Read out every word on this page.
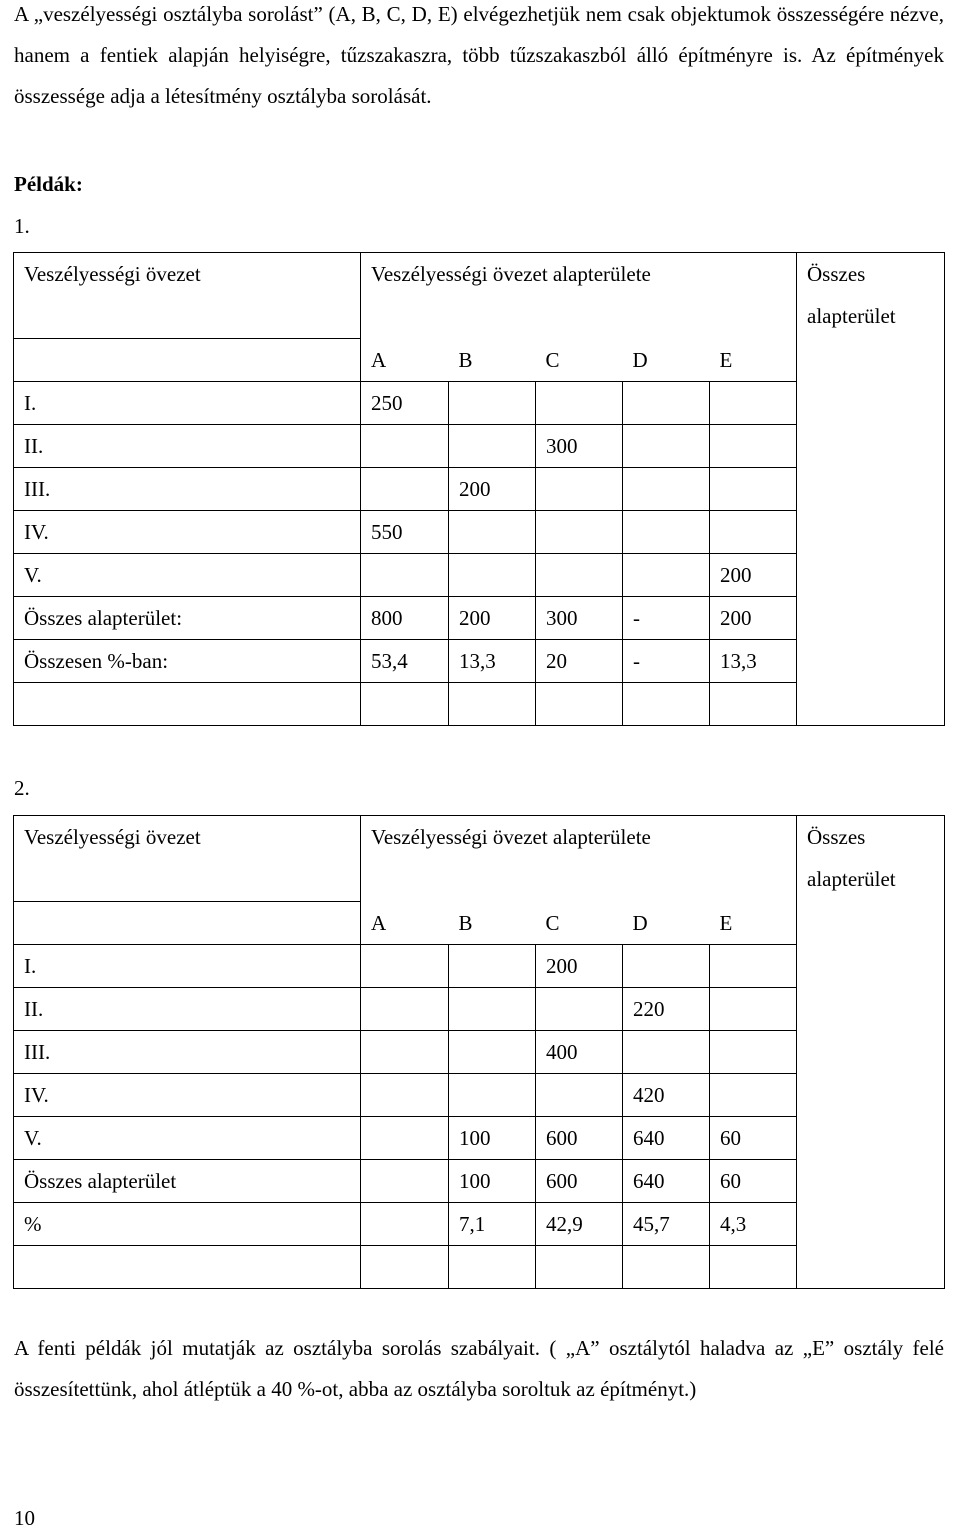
A „veszélyességi osztályba sorolást” (A, B, C, D, E) elvégezhetjük nem csak objektumok összességére nézve, hanem a fentiek alapján helyiségre, tűzszakaszra, több tűzszakaszból álló építményre is. Az építmények összessége adja a létesítmény osztályba sorolását.
Példák:
1.
Veszélyességi övezet	Veszélyességi övezet alapterülete					Összes alapterület
	A	B	C	D	E	
I.	250					
II.			300			
III.		200				
IV.	550					
V.					200	
Összes alapterület:	800	200	300	-	200	
Összesen %-ban:	53,4	13,3	20	-	13,3	

2.
Veszélyességi övezet	Veszélyességi övezet alapterülete					Összes alapterület
	A	B	C	D	E	
I.			200			
II.				220		
III.			400			
IV.				420		
V.		100	600	640	60	
Összes alapterület		100	600	640	60	
%		7,1	42,9	45,7	4,3	

A fenti példák jól mutatják az osztályba sorolás szabályait. ( „A” osztálytól haladva az „E” osztály felé összesítettünk, ahol átléptük a 40 %-ot, abba az osztályba soroltuk az építményt.)
10
